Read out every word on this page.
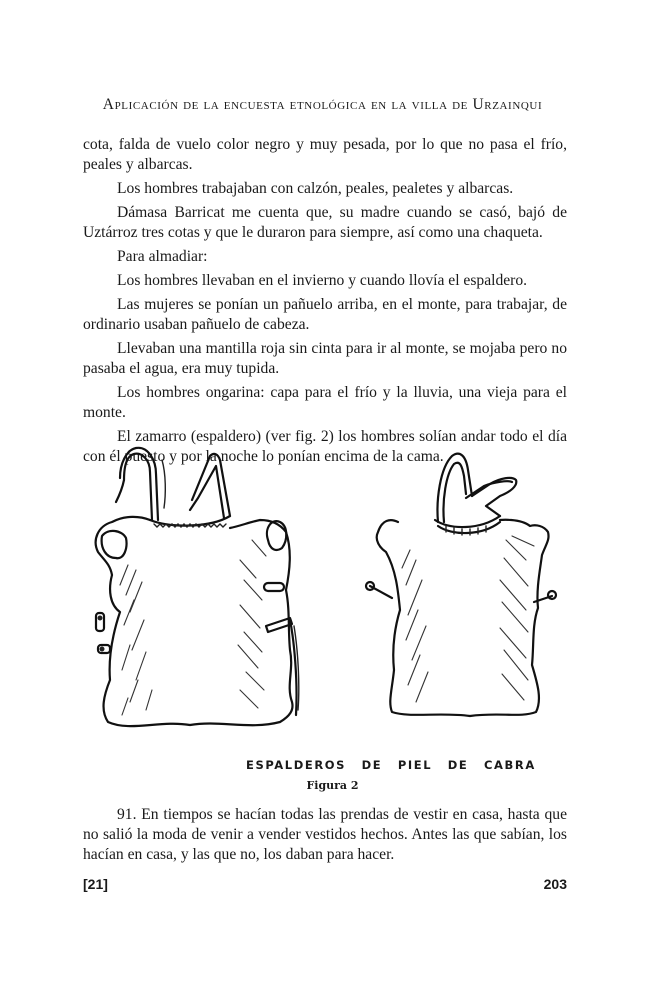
Aplicación de la encuesta etnológica en la villa de Urzainqui

cota, falda de vuelo color negro y muy pesada, por lo que no pasa el frío, peales y albarcas.

Los hombres trabajaban con calzón, peales, pealetes y albarcas.

Dámasa Barricat me cuenta que, su madre cuando se casó, bajó de Uztárroz tres cotas y que le duraron para siempre, así como una chaqueta.

Para almadiar:

Los hombres llevaban en el invierno y cuando llovía el espaldero.

Las mujeres se ponían un pañuelo arriba, en el monte, para trabajar, de ordinario usaban pañuelo de cabeza.

Llevaban una mantilla roja sin cinta para ir al monte, se mojaba pero no pasaba el agua, era muy tupida.

Los hombres ongarina: capa para el frío y la lluvia, una vieja para el monte.

El zamarro (espaldero) (ver fig. 2) los hombres solían andar todo el día con él puesto y por la noche lo ponían encima de la cama.

ESPALDEROS DE PIEL DE CABRA
Figura 2

91. En tiempos se hacían todas las prendas de vestir en casa, hasta que no salió la moda de venir a vender vestidos hechos. Antes las que sabían, los hacían en casa, y las que no, los daban para hacer.

[21]	203
